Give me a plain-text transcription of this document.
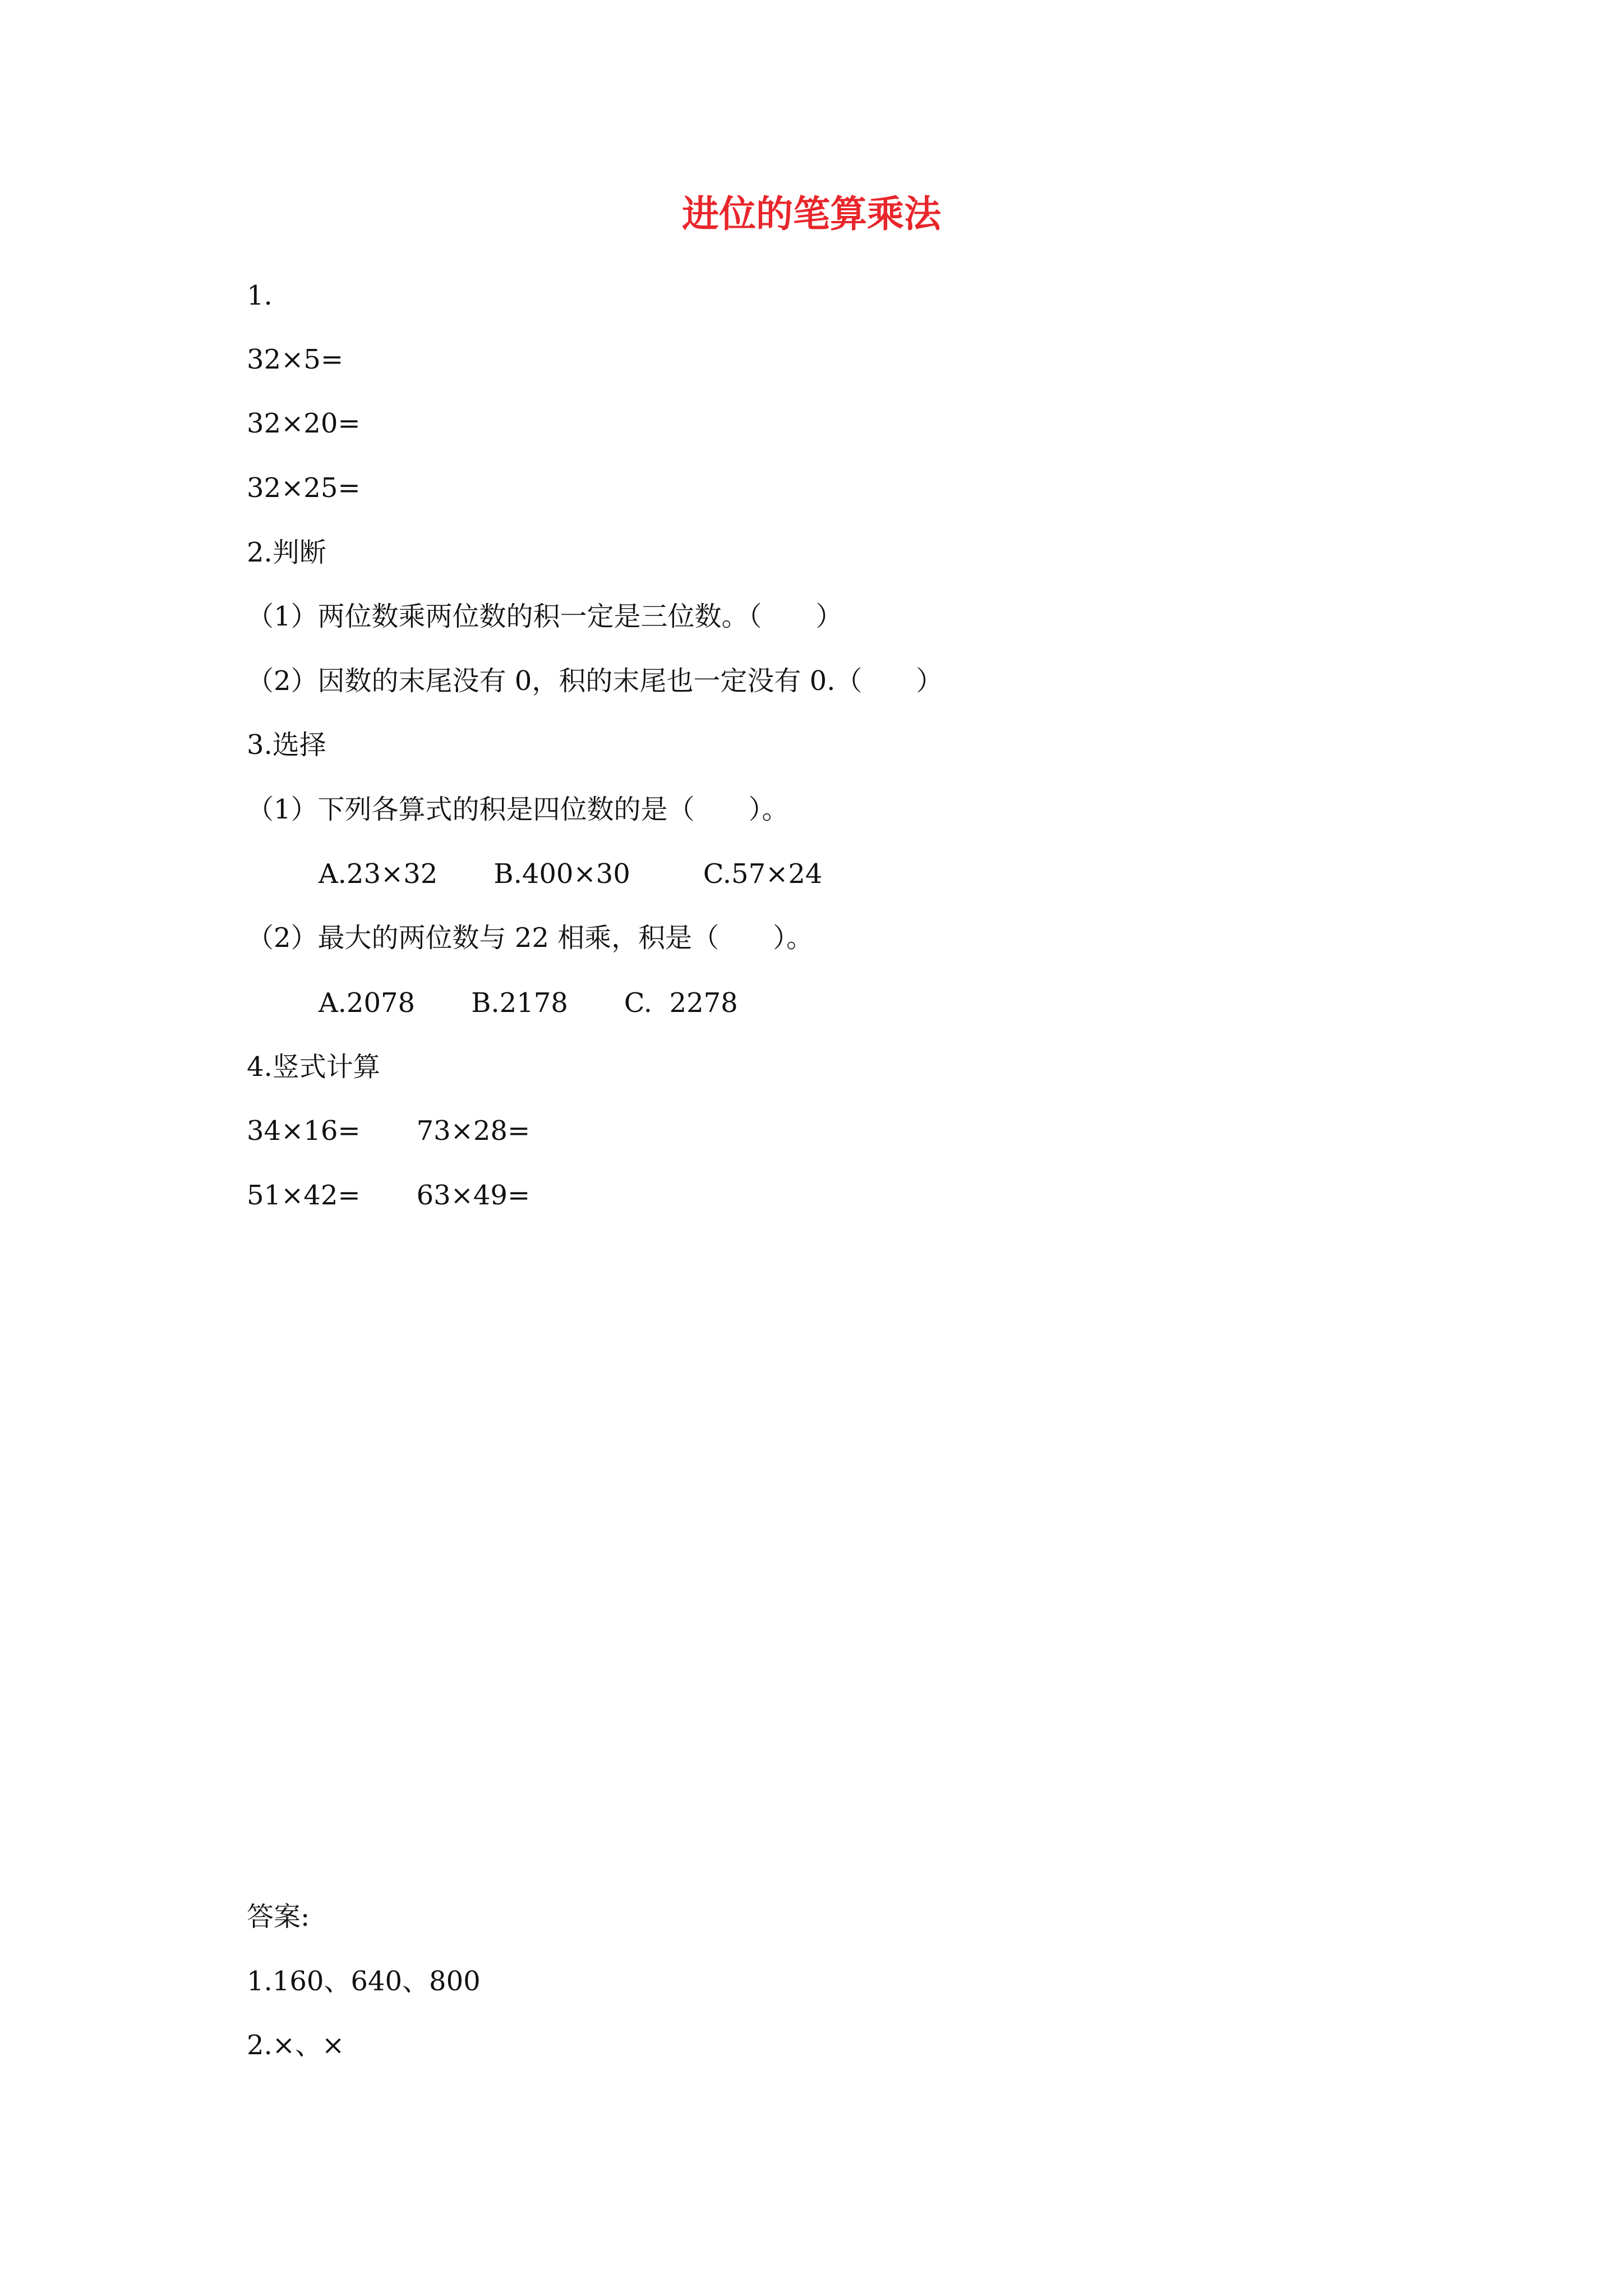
进位的笔算乘法
1.
32×5=
32×20=
32×25=
2.判断
（1）两位数乘两位数的积一定是三位数。（　　）
（2）因数的末尾没有 0，积的末尾也一定没有 0.（　　）
3.选择
（1）下列各算式的积是四位数的是（　　）。
A.23×32 B.400×30	C.57×24
（2）最大的两位数与 22 相乘，积是（　　）。
A.2078 B.2178 C.  2278
4.竖式计算
34×16= 73×28=
51×42= 63×49=
答案:
1.160、640、800
2.×、×
